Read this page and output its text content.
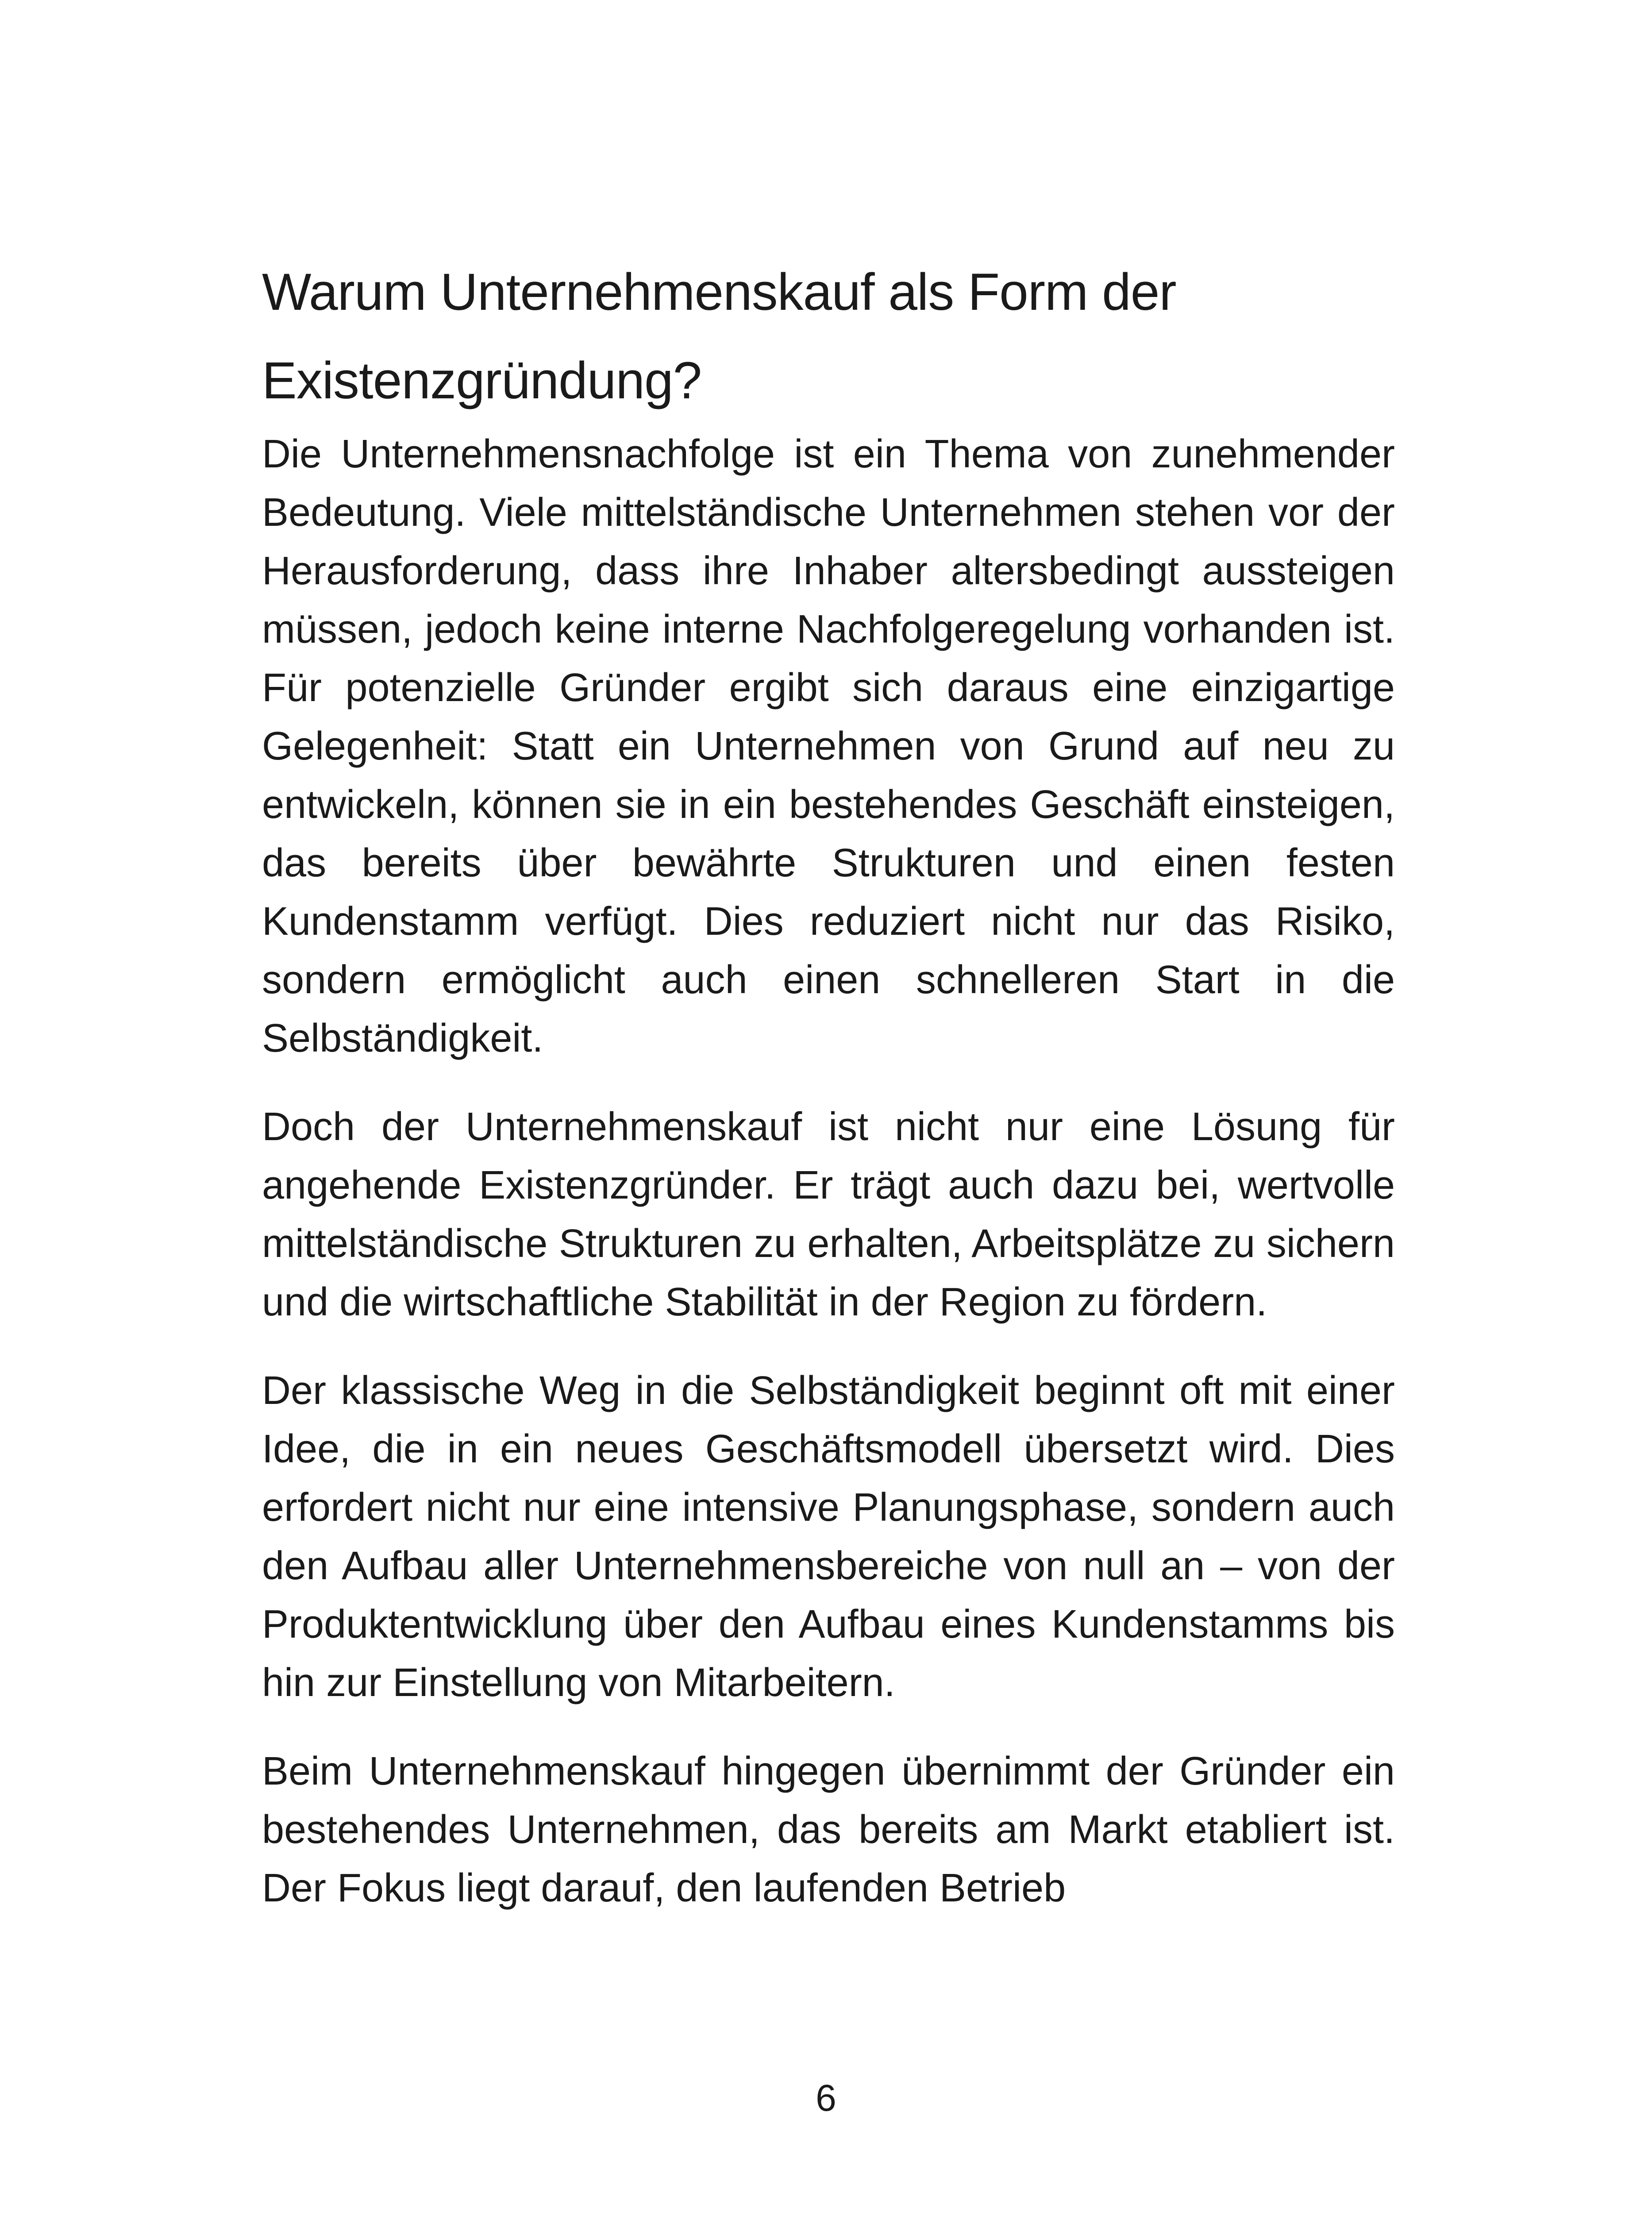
Warum Unternehmenskauf als Form der Existenzgründung?

Die Unternehmensnachfolge ist ein Thema von zunehmender Bedeutung. Viele mittelständische Unternehmen stehen vor der Herausforderung, dass ihre Inhaber altersbedingt aussteigen müssen, jedoch keine interne Nachfolgeregelung vorhanden ist. Für potenzielle Gründer ergibt sich daraus eine einzigartige Gelegenheit: Statt ein Unternehmen von Grund auf neu zu entwickeln, können sie in ein bestehendes Geschäft einsteigen, das bereits über bewährte Strukturen und einen festen Kundenstamm verfügt. Dies reduziert nicht nur das Risiko, sondern ermöglicht auch einen schnelleren Start in die Selbständigkeit.

Doch der Unternehmenskauf ist nicht nur eine Lösung für angehende Existenzgründer. Er trägt auch dazu bei, wertvolle mittelständische Strukturen zu erhalten, Arbeitsplätze zu sichern und die wirtschaftliche Stabilität in der Region zu fördern.

Der klassische Weg in die Selbständigkeit beginnt oft mit einer Idee, die in ein neues Geschäftsmodell übersetzt wird. Dies erfordert nicht nur eine intensive Planungsphase, sondern auch den Aufbau aller Unternehmensbereiche von null an – von der Produktentwicklung über den Aufbau eines Kundenstamms bis hin zur Einstellung von Mitarbeitern.

Beim Unternehmenskauf hingegen übernimmt der Gründer ein bestehendes Unternehmen, das bereits am Markt etabliert ist. Der Fokus liegt darauf, den laufenden Betrieb

6
